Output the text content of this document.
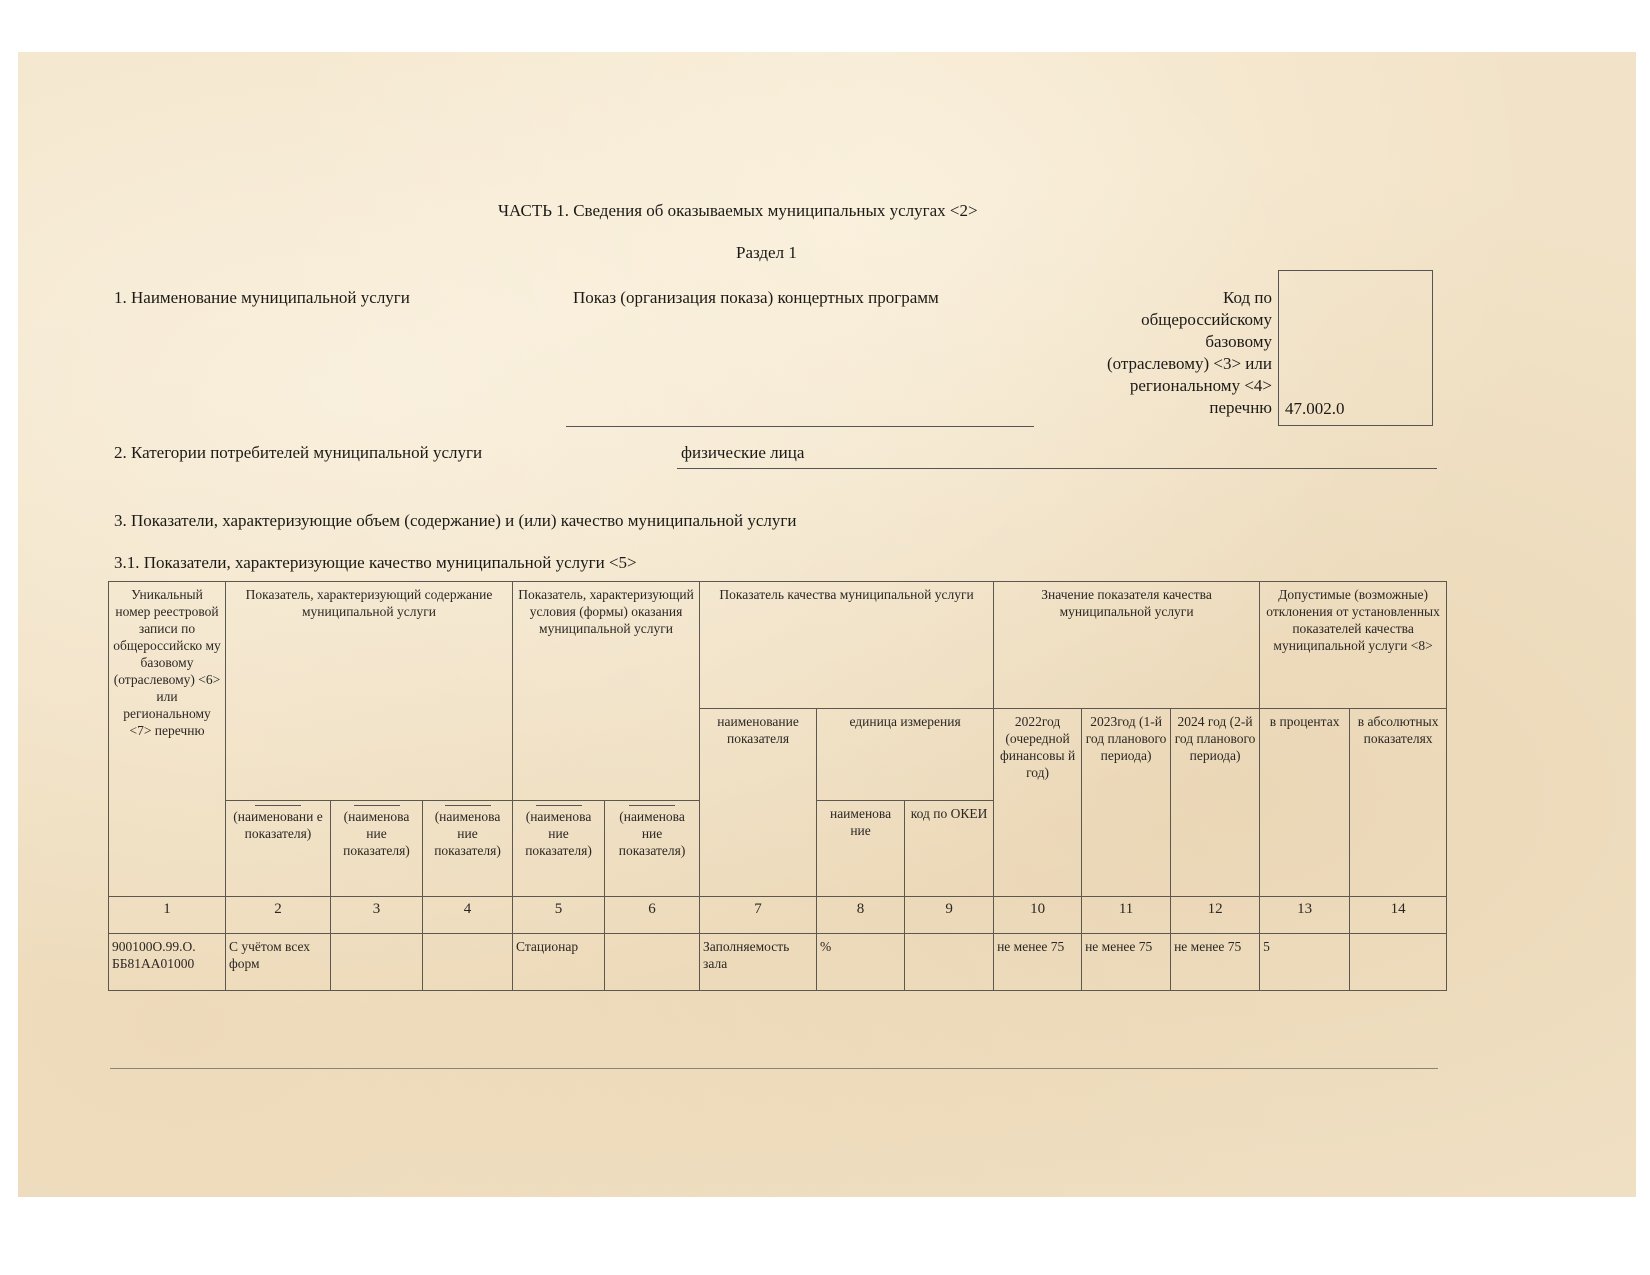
ЧАСТЬ 1. Сведения об оказываемых муниципальных услугах <2>
Раздел 1
1. Наименование муниципальной услуги	Показ (организация показа) концертных программ	Код по
общероссийскому
базовому
(отраслевому) <3> или
региональному <4>
перечню 47.002.0
2. Категории потребителей муниципальной услуги	физические лица
3. Показатели, характеризующие объем (содержание) и (или) качество муниципальной услуги
3.1. Показатели, характеризующие качество муниципальной услуги <5>
Уникальный номер реестровой записи по общероссийско му базовому (отраслевому) <6> или региональному <7> перечню	Показатель, характеризующий содержание муниципальной услуги			Показатель, характеризующий условия (формы) оказания муниципальной услуги		Показатель качества муниципальной услуги			Значение показателя качества муниципальной услуги			Допустимые (возможные) отклонения от установленных показателей качества муниципальной услуги <8>	
						наименование показателя	единица измерения		2022год (очередной финансовы й год)	2023год (1-й год планового периода)	2024 год (2-й год планового периода)	в процентах	в абсолютных показателях

(наименовани е показателя)	(наименова ние показателя)	(наименова ние показателя)	(наименова ние показателя)	(наименова ние показателя)		наименова ние	код по ОКЕИ					
1	2	3	4	5	6	7	8	9	10	11	12	13	14
900100О.99.О. ББ81АА01000	С учётом всех форм			Стационар		Заполняемость зала	%		не менее 75	не менее 75	не менее 75	5	
